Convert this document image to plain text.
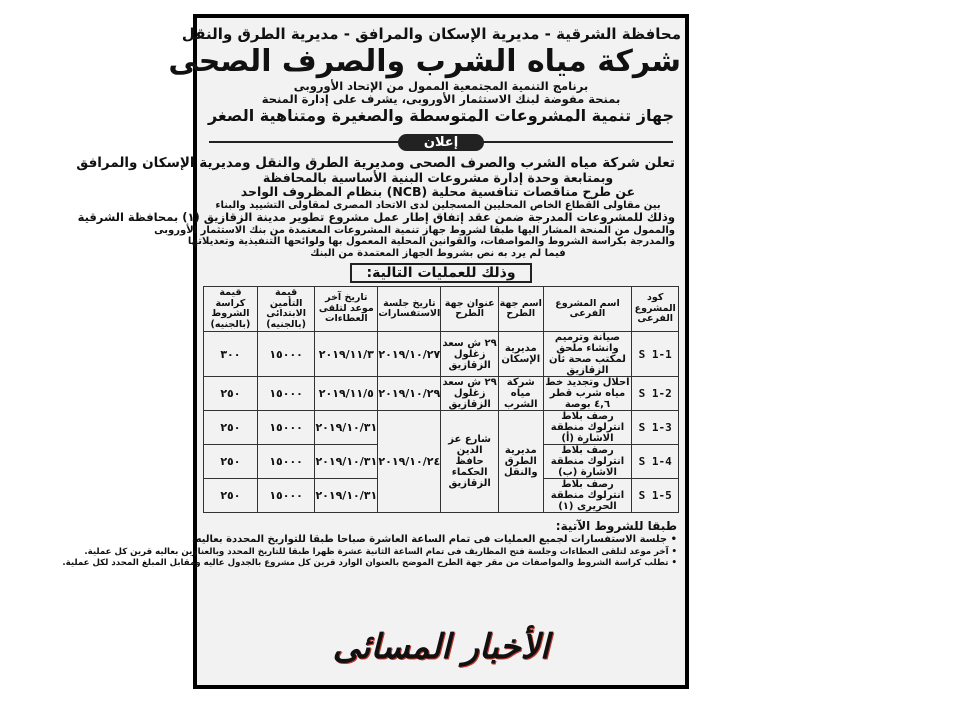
محافظة الشرقية - مديرية الإسكان والمرافق - مديرية الطرق والنقل
شركة مياه الشرب والصرف الصحى
برنامج التنمية المجتمعية الممول من الإتحاد الأوروبى
بمنحة مفوضة لبنك الاستثمار الأوروبى، يشرف على إدارة المنحة
جهاز تنمية المشروعات المتوسطة والصغيرة ومتناهية الصغر
إعلان
تعلن شركة مياه الشرب والصرف الصحى ومديرية الطرق والنقل ومديرية الإسكان والمرافق
وبمتابعة وحدة إدارة مشروعات البنية الأساسية بالمحافظة
عن طرح مناقصات تنافسية محلية (NCB) بنظام المظروف الواحد
بين مقاولى القطاع الخاص المحليين المسجلين لدى الاتحاد المصرى لمقاولى التشييد والبناء
وذلك للمشروعات المدرجة ضمن عقد إتفاق إطار عمل مشروع تطوير مدينة الزقازيق (١) بمحافظة الشرقية
والممول من المنحة المشار اليها طبقا لشروط جهاز تنمية المشروعات المعتمدة من بنك الاستثمار الأوروبى
والمدرجة بكراسة الشروط والمواصفات، والقوانين المحلية المعمول بها ولوائحها التنفيذية وتعديلاتها
فيما لم يرد به نص بشروط الجهاز المعتمدة من البنك
وذلك للعمليات التالية:
كود المشروع الفرعى	اسم المشروع الفرعى	اسم جهة الطرح	عنوان جهة الطرح	تاريخ جلسة الاستفسارات	تاريخ آخر موعد لتلقى العطاءات	قيمة التأمين الابتدائى (بالجنيه)	قيمة كراسة الشروط (بالجنيه)
S 1-1	صيانة وترميم وانشاء ملحق لمكتب صحة ثان الزقازيق	مديرية الإسكان	٢٩ ش سعد زغلول الزقازيق	٢٠١٩/١٠/٢٧	٢٠١٩/١١/٣	١٥٠٠٠	٣٠٠
S 1-2	احلال وتجديد خط مياه شرب قطر ٤,٦ بوصة	شركة مياه الشرب	٢٩ ش سعد زغلول الزقازيق	٢٠١٩/١٠/٢٩	٢٠١٩/١١/٥	١٥٠٠٠	٢٥٠
S 1-3	رصف بلاط انترلوك منطقة الاشارة (أ)	مديرية الطرق والنقل	شارع عز الدين حافظ الحكماء الزقازيق	٢٠١٩/١٠/٢٤	٢٠١٩/١٠/٣١	١٥٠٠٠	٢٥٠
S 1-4	رصف بلاط انترلوك منطقة الاشارة (ب)				٢٠١٩/١٠/٣١	١٥٠٠٠	٢٥٠
S 1-5	رصف بلاط انترلوك منطقة الحريرى (١)				٢٠١٩/١٠/٣١	١٥٠٠٠	٢٥٠
طبقا للشروط الآتية:
• جلسة الاستفسارات لجميع العمليات فى تمام الساعة العاشرة صباحا طبقا للتواريخ المحددة بعاليه.
• آخر موعد لتلقى العطاءات وجلسة فتح المظاريف فى تمام الساعة الثانية عشرة ظهرا طبقا للتاريخ المحدد وبالعناوين بعاليه قرين كل عملية.
• تطلب كراسة الشروط والمواصفات من مقر جهة الطرح الموضح بالعنوان الوارد قرين كل مشروع بالجدول عاليه ومقابل المبلغ المحدد لكل عملية.
الأخبار المسائى
